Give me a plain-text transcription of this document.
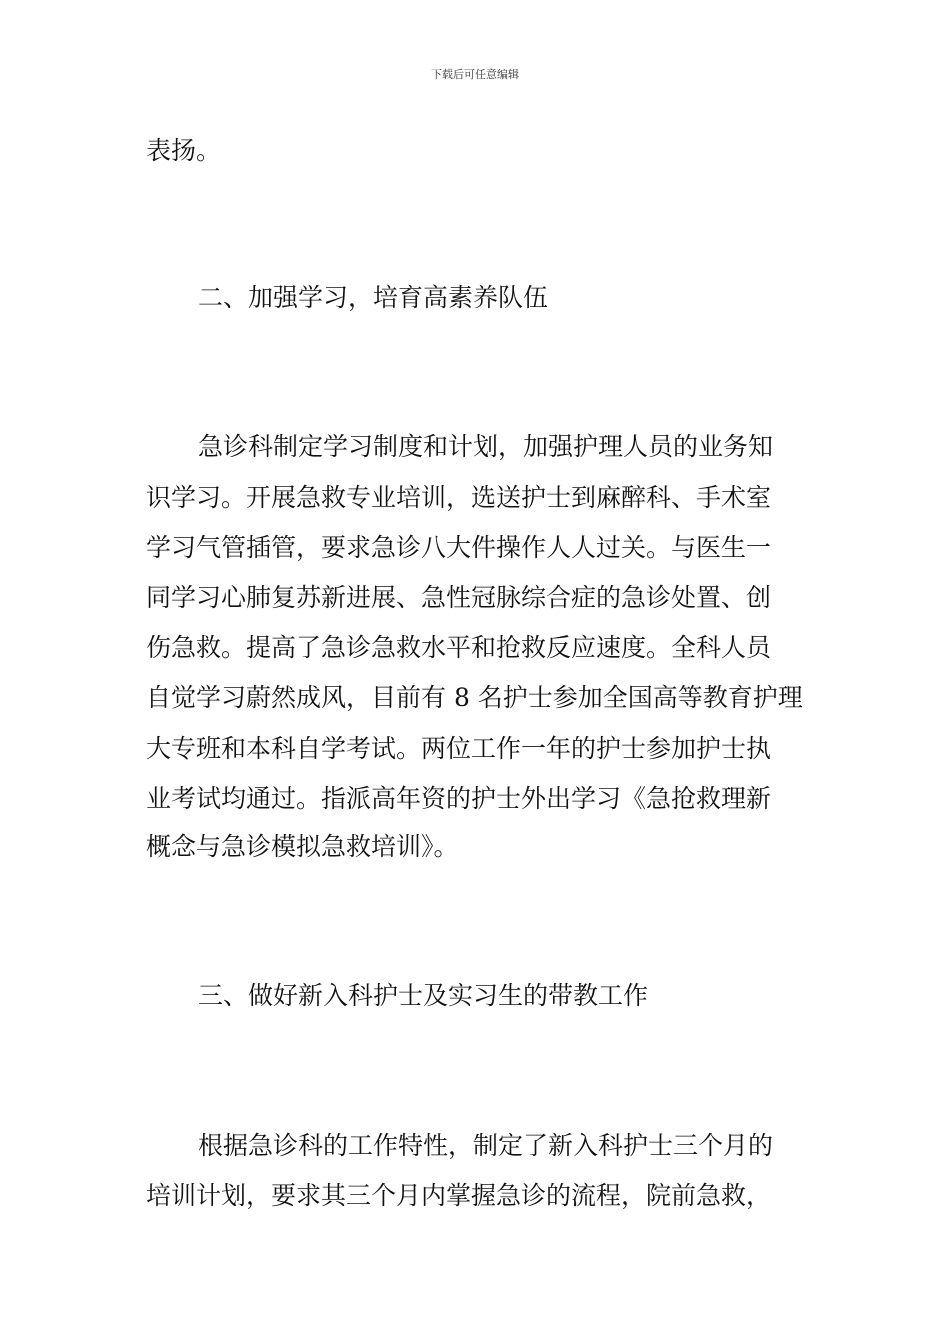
下载后可任意编辑
表扬。
二、加强学习，培育高素养队伍
急诊科制定学习制度和计划，加强护理人员的业务知
识学习。开展急救专业培训，选送护士到麻醉科、手术室
学习气管插管，要求急诊八大件操作人人过关。与医生一
同学习心肺复苏新进展、急性冠脉综合症的急诊处置、创
伤急救。提高了急诊急救水平和抢救反应速度。全科人员
自觉学习蔚然成风，目前有 8 名护士参加全国高等教育护理
大专班和本科自学考试。两位工作一年的护士参加护士执
业考试均通过。指派高年资的护士外出学习《急抢救理新
概念与急诊模拟急救培训》。
三、做好新入科护士及实习生的带教工作
根据急诊科的工作特性，制定了新入科护士三个月的
培训计划，要求其三个月内掌握急诊的流程，院前急救，
